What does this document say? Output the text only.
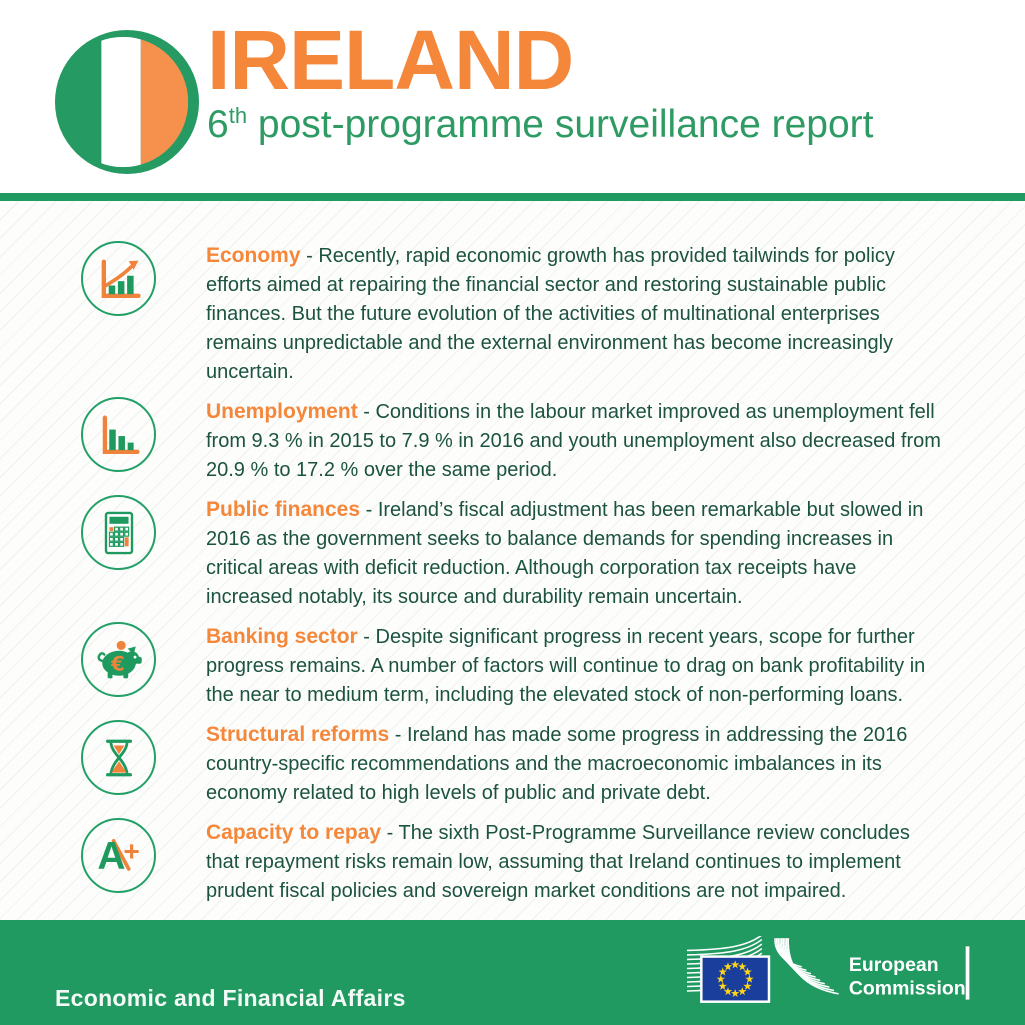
IRELAND
6th post-programme surveillance report

Economy - Recently, rapid economic growth has provided tailwinds for policy efforts aimed at repairing the financial sector and restoring sustainable public finances. But the future evolution of the activities of multinational enterprises remains unpredictable and the external environment has become increasingly uncertain.

Unemployment - Conditions in the labour market improved as unemployment fell from 9.3 % in 2015 to 7.9 % in 2016 and youth unemployment also decreased from 20.9 % to 17.2 % over the same period.

Public finances - Ireland’s fiscal adjustment has been remarkable but slowed in 2016 as the government seeks to balance demands for spending increases in critical areas with deficit reduction. Although corporation tax receipts have increased notably, its source and durability remain uncertain.

€

Banking sector - Despite significant progress in recent years, scope for further progress remains. A number of factors will continue to drag on bank profitability in the near to medium term, including the elevated stock of non-performing loans.

Structural reforms - Ireland has made some progress in addressing the 2016 country-specific recommendations and the macroeconomic imbalances in its economy related to high levels of public and private debt.

A
+

Capacity to repay - The sixth Post-Programme Surveillance review concludes that repayment risks remain low, assuming that Ireland continues to implement prudent fiscal policies and sovereign market conditions are not impaired.

Economic and Financial Affairs
European
Commission
